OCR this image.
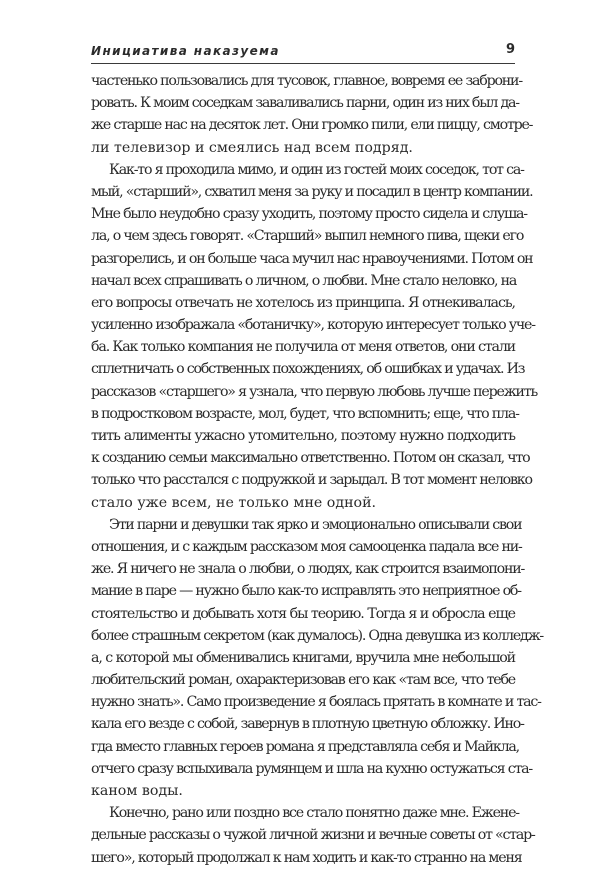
Инициатива наказуема	9
частенько пользовались для тусовок, главное, вовремя ее заброни-
ровать. К моим соседкам заваливались парни, один из них был да-
же старше нас на десяток лет. Они громко пили, ели пиццу, смотре-
ли телевизор и смеялись над всем подряд.
Как-то я проходила мимо, и один из гостей моих соседок, тот са-
мый, «старший», схватил меня за руку и посадил в центр компании.
Мне было неудобно сразу уходить, поэтому просто сидела и слуша-
ла, о чем здесь говорят. «Старший» выпил немного пива, щеки его
разгорелись, и он больше часа мучил нас нравоучениями. Потом он
начал всех спрашивать о личном, о любви. Мне стало неловко, на
его вопросы отвечать не хотелось из принципа. Я отнекивалась,
усиленно изображала «ботаничку», которую интересует только уче-
ба. Как только компания не получила от меня ответов, они стали
сплетничать о собственных похождениях, об ошибках и удачах. Из
рассказов «старшего» я узнала, что первую любовь лучше пережить
в подростковом возрасте, мол, будет, что вспомнить; еще, что пла-
тить алименты ужасно утомительно, поэтому нужно подходить
к созданию семьи максимально ответственно. Потом он сказал, что
только что расстался с подружкой и зарыдал. В тот момент неловко
стало уже всем, не только мне одной.
Эти парни и девушки так ярко и эмоционально описывали свои
отношения, и с каждым рассказом моя самооценка падала все ни-
же. Я ничего не знала о любви, о людях, как строится взаимопони-
мание в паре — нужно было как-то исправлять это неприятное об-
стоятельство и добывать хотя бы теорию. Тогда я и обросла еще
более страшным секретом (как думалось). Одна девушка из колледж-
а, с которой мы обменивались книгами, вручила мне небольшой
любительский роман, охарактеризовав его как «там все, что тебе
нужно знать». Само произведение я боялась прятать в комнате и тас-
кала его везде с собой, завернув в плотную цветную обложку. Ино-
гда вместо главных героев романа я представляла себя и Майкла,
отчего сразу вспыхивала румянцем и шла на кухню остужаться ста-
каном воды.
Конечно, рано или поздно все стало понятно даже мне. Ежене-
дельные рассказы о чужой личной жизни и вечные советы от «стар-
шего», который продолжал к нам ходить и как-то странно на меня
